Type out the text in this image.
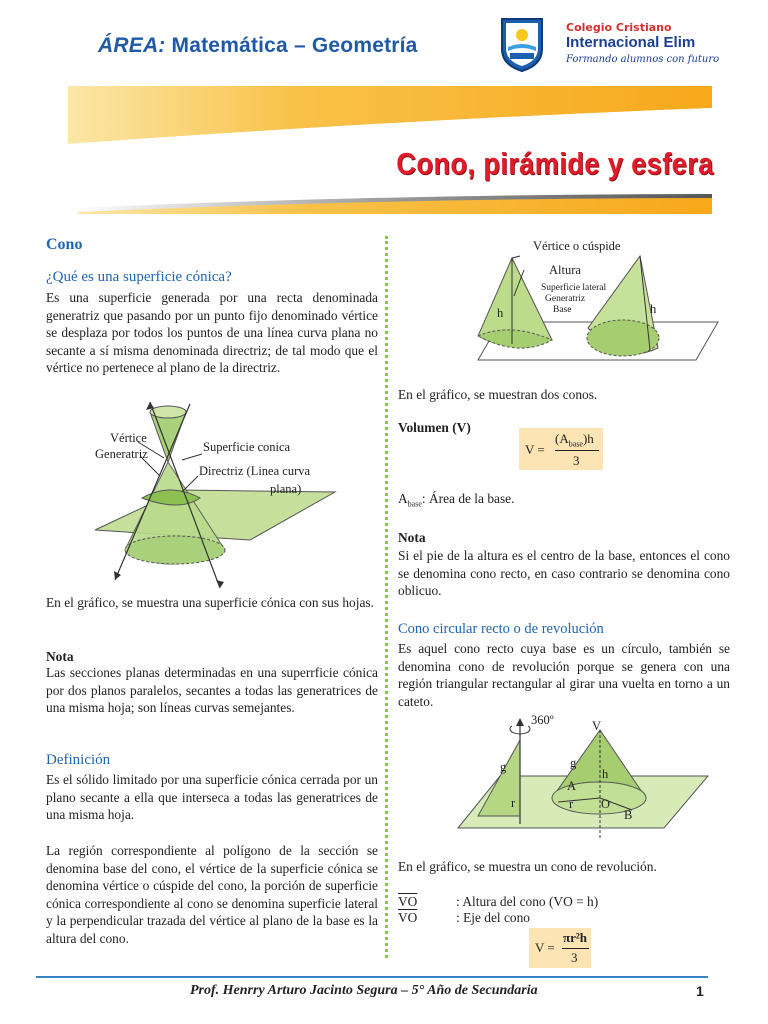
ÁREA: Matemática – Geometría
Colegio Cristiano
Internacional Elim
Formando alumnos con futuro
Cono, pirámide y esfera
Cono
¿Qué es una superficie cónica?
Es una superficie generada por una recta denominada generatriz que pasando por un punto fijo denominado vértice se desplaza por todos los puntos de una línea curva plana no secante a sí misma denominada directriz; de tal modo que el vértice no pertenece al plano de la directriz.
Vértice
Generatriz	Superficie conica
Directriz (Linea curva
plana)
En el gráfico, se muestra una superficie cónica con sus hojas.
Nota
Las secciones planas determinadas en una superrficie cónica por dos planos paralelos, secantes a todas las generatrices de una misma hoja; son líneas curvas semejantes.
Definición
Es el sólido limitado por una superficie cónica cerrada por un plano secante a ella que interseca a todas las generatrices de una misma hoja.
La región correspondiente al polígono de la sección se denomina base del cono, el vértice de la superficie cónica se denomina vértice o cúspide del cono, la porción de superficie cónica correspondiente al cono se denomina superficie lateral y la perpendicular trazada del vértice al plano de la base es la altura del cono.
Vértice o cúspide
Altura
Superficie lateral
Generatriz
Base
h	h
En el gráfico, se muestran dos conos.
Volumen (V)
V =
$(A_{base})h$
3
$A_{base}$: Área de la base.
Nota
Si el pie de la altura es el centro de la base, entonces el cono se denomina cono recto, en caso contrario se denomina cono oblicuo.
Cono circular recto o de revolución
Es aquel cono recto cuya base es un círculo, también se denomina cono de revolución porque se genera con una región triangular rectangular al girar una vuelta en torno a un cateto.
360º	V
g	g
h
A
r	r O
B
En el gráfico, se muestra un cono de revolución.
$\overline{VO}$	: Altura del cono (VO = h)
$\overline{VO}$	: Eje del cono
V =
πr²h
3
Prof. Henrry Arturo Jacinto Segura – 5° Año de Secundaria	1
